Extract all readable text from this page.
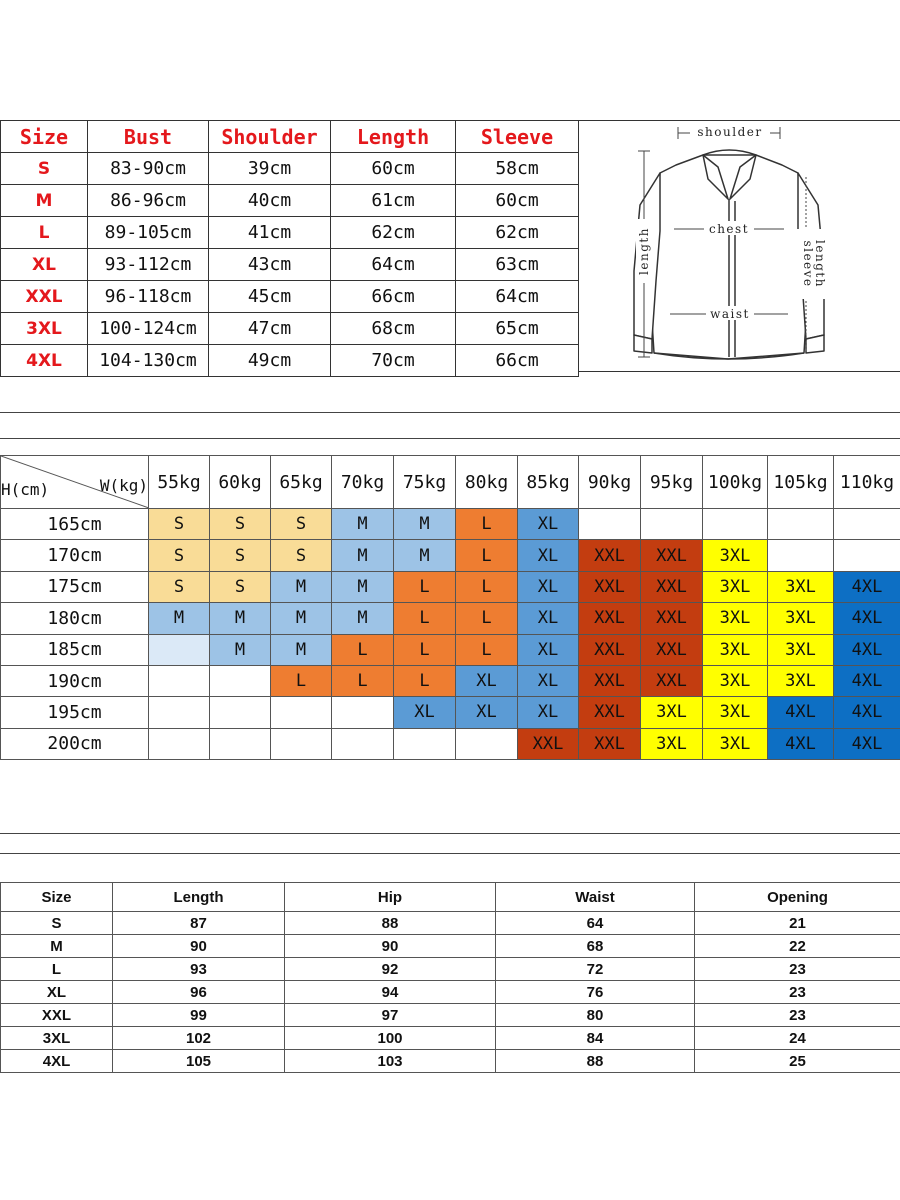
Size	Bust	Shoulder	Length	Sleeve
S	83-90cm	39cm	60cm	58cm
M	86-96cm	40cm	61cm	60cm
L	89-105cm	41cm	62cm	62cm
XL	93-112cm	43cm	64cm	63cm
XXL	96-118cm	45cm	66cm	64cm
3XL	100-124cm	47cm	68cm	65cm
4XL	104-130cm	49cm	70cm	66cm
shoulder
chest
waist
length	sleeve
length
H(cm) W(kg)	55kg	60kg	65kg	70kg	75kg	80kg	85kg	90kg	95kg	100kg	105kg	110kg
165cm	S	S	S	M	M	L	XL					
170cm	S	S	S	M	M	L	XL	XXL	XXL	3XL		
175cm	S	S	M	M	L	L	XL	XXL	XXL	3XL	3XL	4XL
180cm	M	M	M	M	L	L	XL	XXL	XXL	3XL	3XL	4XL
185cm		M	M	L	L	L	XL	XXL	XXL	3XL	3XL	4XL
190cm			L	L	L	XL	XL	XXL	XXL	3XL	3XL	4XL
195cm					XL	XL	XL	XXL	3XL	3XL	4XL	4XL
200cm							XXL	XXL	3XL	3XL	4XL	4XL
Size	Length	Hip	Waist	Opening
S	87	88	64	21
M	90	90	68	22
L	93	92	72	23
XL	96	94	76	23
XXL	99	97	80	23
3XL	102	100	84	24
4XL	105	103	88	25
